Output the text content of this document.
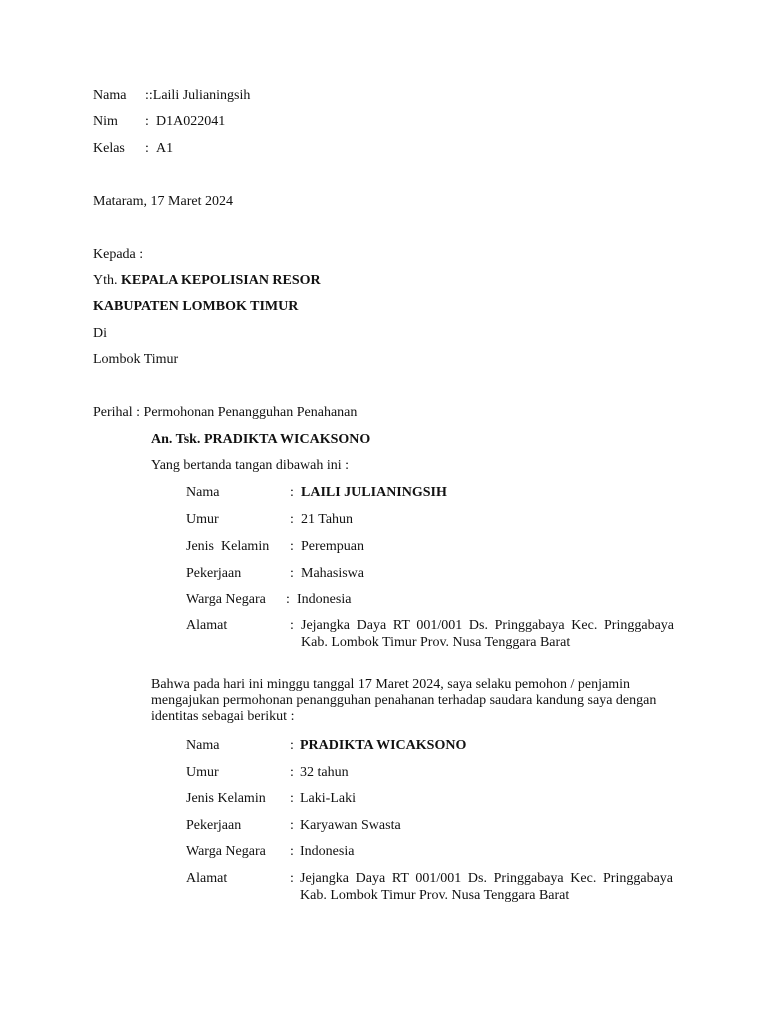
Nama ::Laili Julianingsih
Nim : D1A022041
Kelas : A1
Mataram, 17 Maret 2024
Kepada :
Yth. KEPALA KEPOLISIAN RESOR
KABUPATEN LOMBOK TIMUR
Di
Lombok Timur
Perihal : Permohonan Penangguhan Penahanan
An. Tsk. PRADIKTA WICAKSONO
Yang bertanda tangan dibawah ini :
Nama	: LAILI JULIANINGSIH
Umur	: 21 Tahun
Jenis  Kelamin : Perempuan
Pekerjaan	: Mahasiswa
Warga Negara : Indonesia
Alamat	: Jejangka Daya RT 001/001 Ds. Pringgabaya Kec. Pringgabaya Kab. Lombok Timur Prov. Nusa Tenggara Barat
Bahwa pada hari ini minggu tanggal 17 Maret 2024, saya selaku pemohon / penjamin mengajukan permohonan penangguhan penahanan terhadap saudara kandung saya dengan identitas sebagai berikut :
Nama	: PRADIKTA WICAKSONO
Umur	: 32 tahun
Jenis Kelamin : Laki-Laki
Pekerjaan	: Karyawan Swasta
Warga Negara : Indonesia
Alamat	: Jejangka Daya RT 001/001 Ds. Pringgabaya Kec. Pringgabaya Kab. Lombok Timur Prov. Nusa Tenggara Barat
